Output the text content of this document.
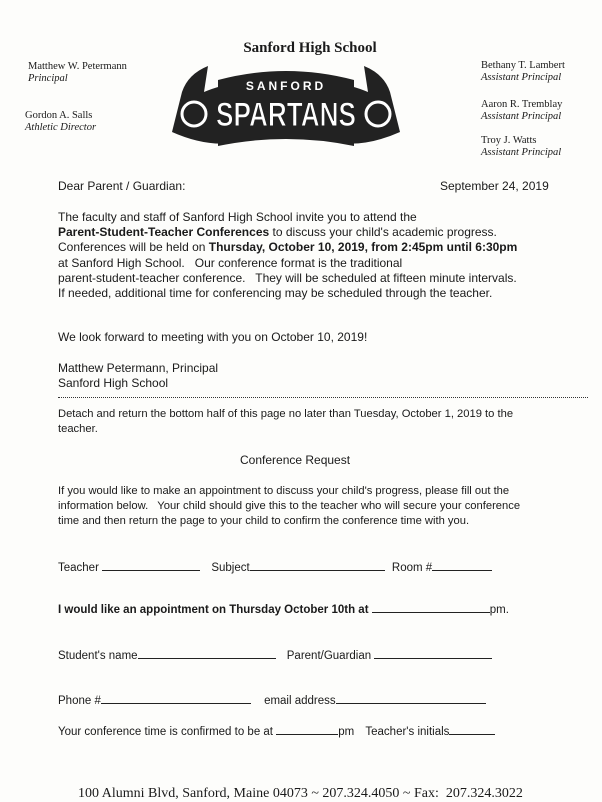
Sanford High School
Matthew W. Petermann
Principal
Gordon A. Salls
Athletic Director
Bethany T. Lambert
Assistant Principal
Aaron R. Tremblay
Assistant Principal
Troy J. Watts
Assistant Principal
SANFORD
SPARTANS
Dear Parent / Guardian:	September 24, 2019
The faculty and staff of Sanford High School invite you to attend the
Parent-Student-Teacher Conferences to discuss your child's academic progress.
Conferences will be held on Thursday, October 10, 2019, from 2:45pm until 6:30pm
at Sanford High School.   Our conference format is the traditional
parent-student-teacher conference.   They will be scheduled at fifteen minute intervals.
If needed, additional time for conferencing may be scheduled through the teacher.
We look forward to meeting with you on October 10, 2019!
Matthew Petermann, Principal
Sanford High School
Detach and return the bottom half of this page no later than Tuesday, October 1, 2019 to the
teacher.
Conference Request
If you would like to make an appointment to discuss your child's progress, please fill out the
information below.   Your child should give this to the teacher who will secure your conference
time and then return the page to your child to confirm the conference time with you.
Teacher	Subject	Room #
I would like an appointment on Thursday October 10th at	pm.
Student's name	Parent/Guardian
Phone #	email address
Your conference time is confirmed to be at	pm Teacher's initials
100 Alumni Blvd, Sanford, Maine 04073 ~ 207.324.4050 ~ Fax:  207.324.3022
